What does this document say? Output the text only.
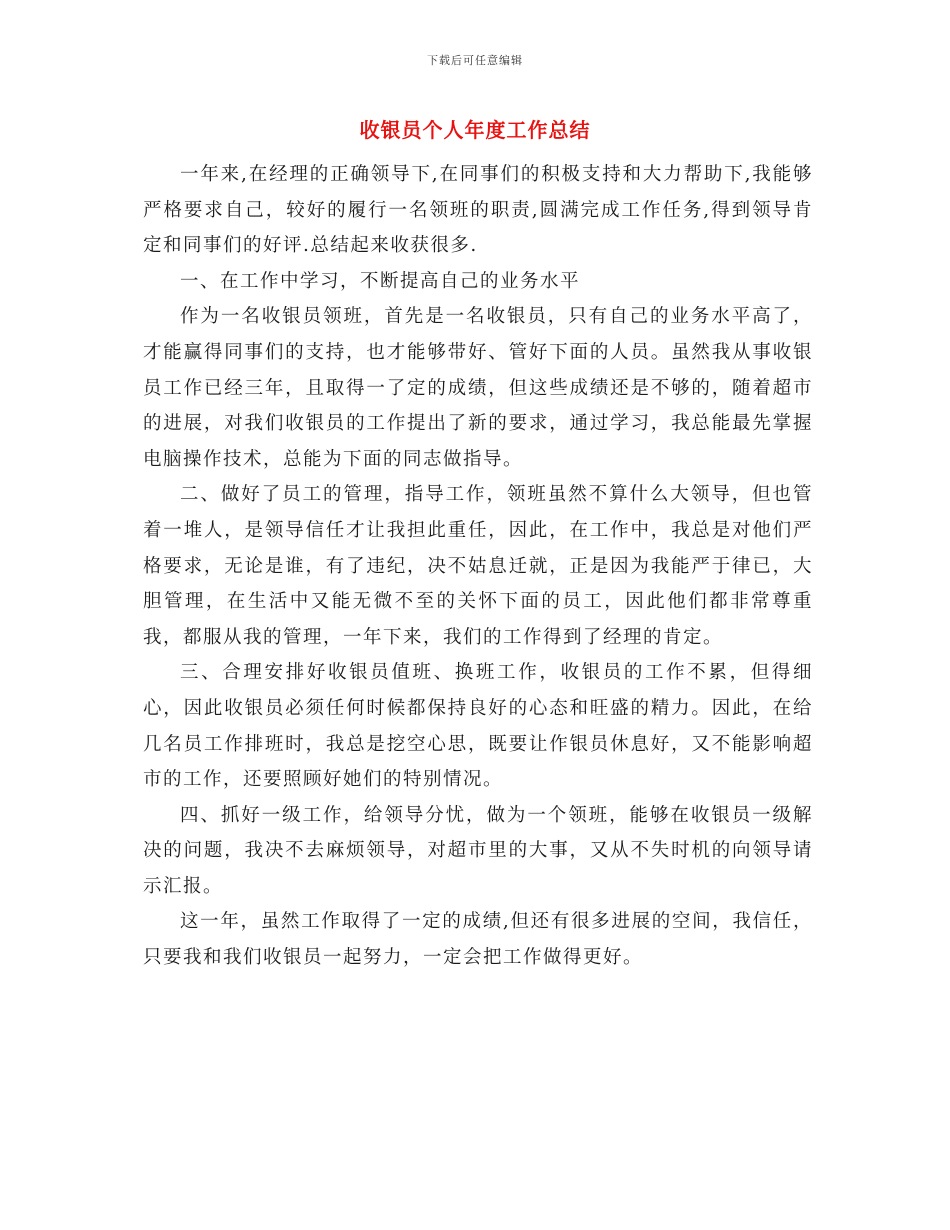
下载后可任意编辑
收银员个人年度工作总结

一年来,在经理的正确领导下,在同事们的积极支持和大力帮助下,我能够严格要求自己，较好的履行一名领班的职责,圆满完成工作任务,得到领导肯定和同事们的好评.总结起来收获很多.

一、在工作中学习，不断提高自己的业务水平

作为一名收银员领班，首先是一名收银员，只有自己的业务水平高了，才能赢得同事们的支持，也才能够带好、管好下面的人员。虽然我从事收银员工作已经三年，且取得一了定的成绩，但这些成绩还是不够的，随着超市的进展，对我们收银员的工作提出了新的要求，通过学习，我总能最先掌握电脑操作技术，总能为下面的同志做指导。

二、做好了员工的管理，指导工作，领班虽然不算什么大领导，但也管着一堆人，是领导信任才让我担此重任，因此，在工作中，我总是对他们严格要求，无论是谁，有了违纪，决不姑息迁就，正是因为我能严于律已，大胆管理，在生活中又能无微不至的关怀下面的员工，因此他们都非常尊重我，都服从我的管理，一年下来，我们的工作得到了经理的肯定。

三、合理安排好收银员值班、换班工作，收银员的工作不累，但得细心，因此收银员必须任何时候都保持良好的心态和旺盛的精力。因此，在给几名员工作排班时，我总是挖空心思，既要让作银员休息好，又不能影响超市的工作，还要照顾好她们的特别情况。

四、抓好一级工作，给领导分忧，做为一个领班，能够在收银员一级解决的问题，我决不去麻烦领导，对超市里的大事，又从不失时机的向领导请示汇报。

这一年，虽然工作取得了一定的成绩,但还有很多进展的空间，我信任，只要我和我们收银员一起努力，一定会把工作做得更好。
